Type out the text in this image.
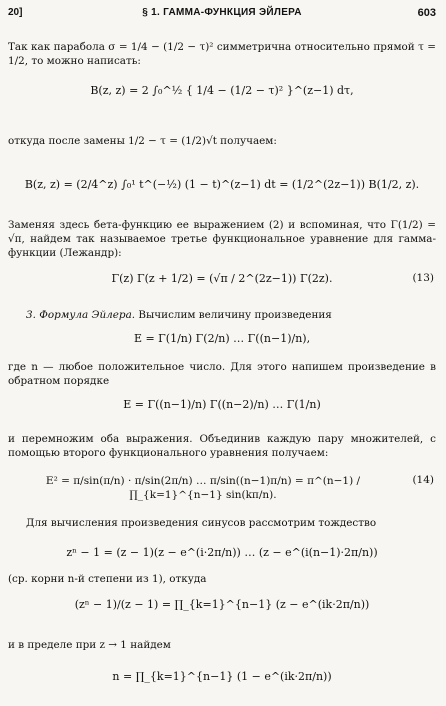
20]	§ 1. ГАММА-ФУНКЦИЯ ЭЙЛЕРА	603
Так как парабола σ = 1/4 − (1/2 − τ)² симметрична относительно прямой τ = 1/2, то можно написать:
B(z, z) = 2 ∫₀^½ { 1/4 − (1/2 − τ)² }^(z−1) dτ,
откуда после замены 1/2 − τ = (1/2)√t получаем:
B(z, z) = (2/4^z) ∫₀¹ t^(−½) (1 − t)^(z−1) dt = (1/2^(2z−1)) B(1/2, z).
Заменяя здесь бета-функцию ее выражением (2) и вспоминая, что Γ(1/2) = √π, найдем так называемое третье функциональное уравнение для гамма-функции (Лежандр):
Γ(z) Γ(z + 1/2) = (√π / 2^(2z−1)) Γ(2z).	(13)
3. Формула Эйлера. Вычислим величину произведения
E = Γ(1/n) Γ(2/n) … Γ((n−1)/n),
где n — любое положительное число. Для этого напишем произведение в обратном порядке
E = Γ((n−1)/n) Γ((n−2)/n) … Γ(1/n)
и перемножим оба выражения. Объединив каждую пару множителей, с помощью второго функционального уравнения получаем:
E² = π/sin(π/n) · π/sin(2π/n) … π/sin((n−1)π/n) = π^(n−1) / ∏_{k=1}^{n−1} sin(kπ/n).
(14)
Для вычисления произведения синусов рассмотрим тождество
zⁿ − 1 = (z − 1)(z − e^(i·2π/n)) … (z − e^(i(n−1)·2π/n))
(ср. корни n-й степени из 1), откуда
(zⁿ − 1)/(z − 1) = ∏_{k=1}^{n−1} (z − e^(ik·2π/n))
и в пределе при z → 1 найдем
n = ∏_{k=1}^{n−1} (1 − e^(ik·2π/n))
